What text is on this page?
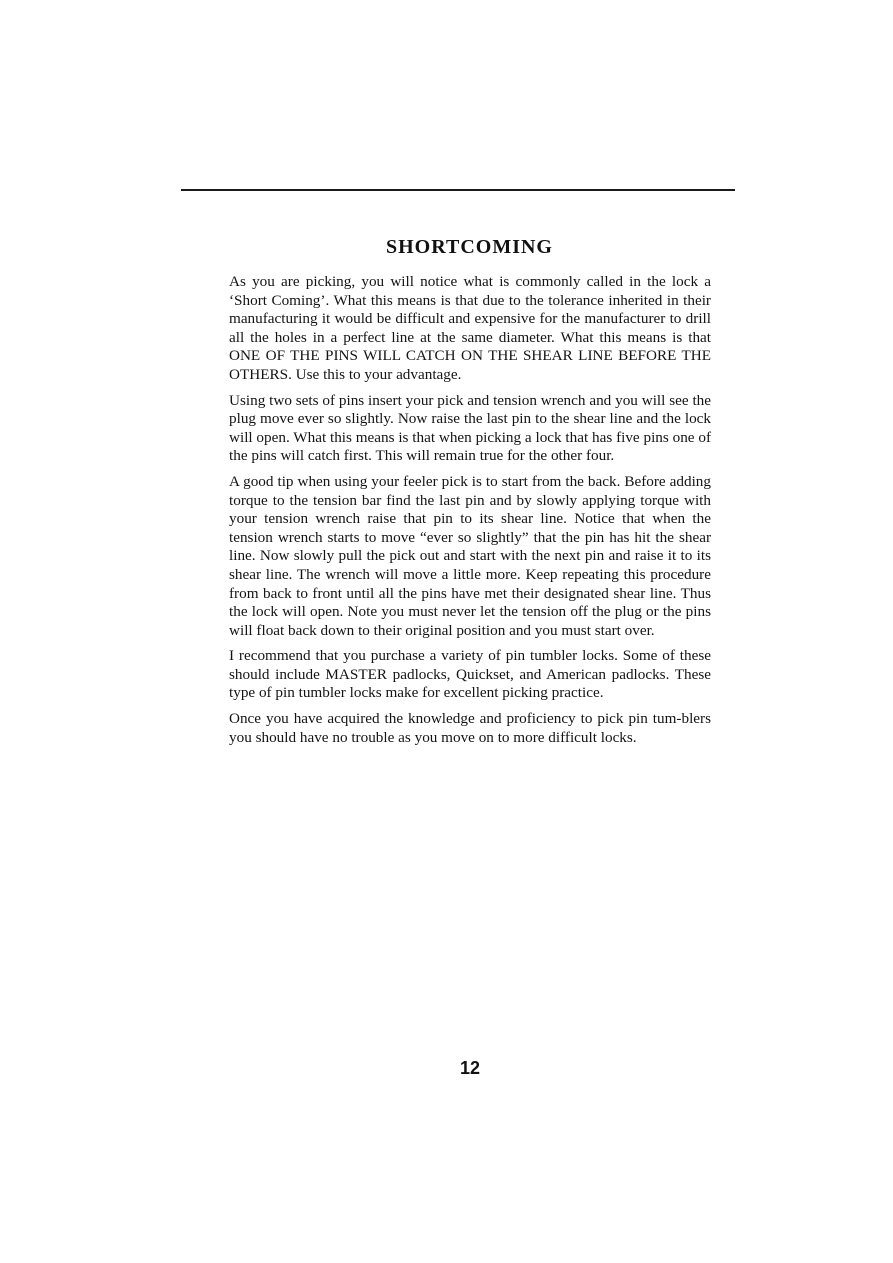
SHORTCOMING

As you are picking, you will notice what is commonly called in the lock a ‘Short Coming’. What this means is that due to the tolerance inherited in their manufacturing it would be difficult and expensive for the manufacturer to drill all the holes in a perfect line at the same diameter. What this means is that ONE OF THE PINS WILL CATCH ON THE SHEAR LINE BEFORE THE OTHERS. Use this to your advantage.

Using two sets of pins insert your pick and tension wrench and you will see the plug move ever so slightly. Now raise the last pin to the shear line and the lock will open. What this means is that when picking a lock that has five pins one of the pins will catch first. This will remain true for the other four.

A good tip when using your feeler pick is to start from the back. Before adding torque to the tension bar find the last pin and by slowly applying torque with your tension wrench raise that pin to its shear line. Notice that when the tension wrench starts to move “ever so slightly” that the pin has hit the shear line. Now slowly pull the pick out and start with the next pin and raise it to its shear line. The wrench will move a little more. Keep repeating this procedure from back to front until all the pins have met their designated shear line. Thus the lock will open. Note you must never let the tension off the plug or the pins will float back down to their original position and you must start over.

I recommend that you purchase a variety of pin tumbler locks. Some of these should include MASTER padlocks, Quickset, and American padlocks. These type of pin tumbler locks make for excellent picking practice.

Once you have acquired the knowledge and proficiency to pick pin tum-blers you should have no trouble as you move on to more difficult locks.

12
